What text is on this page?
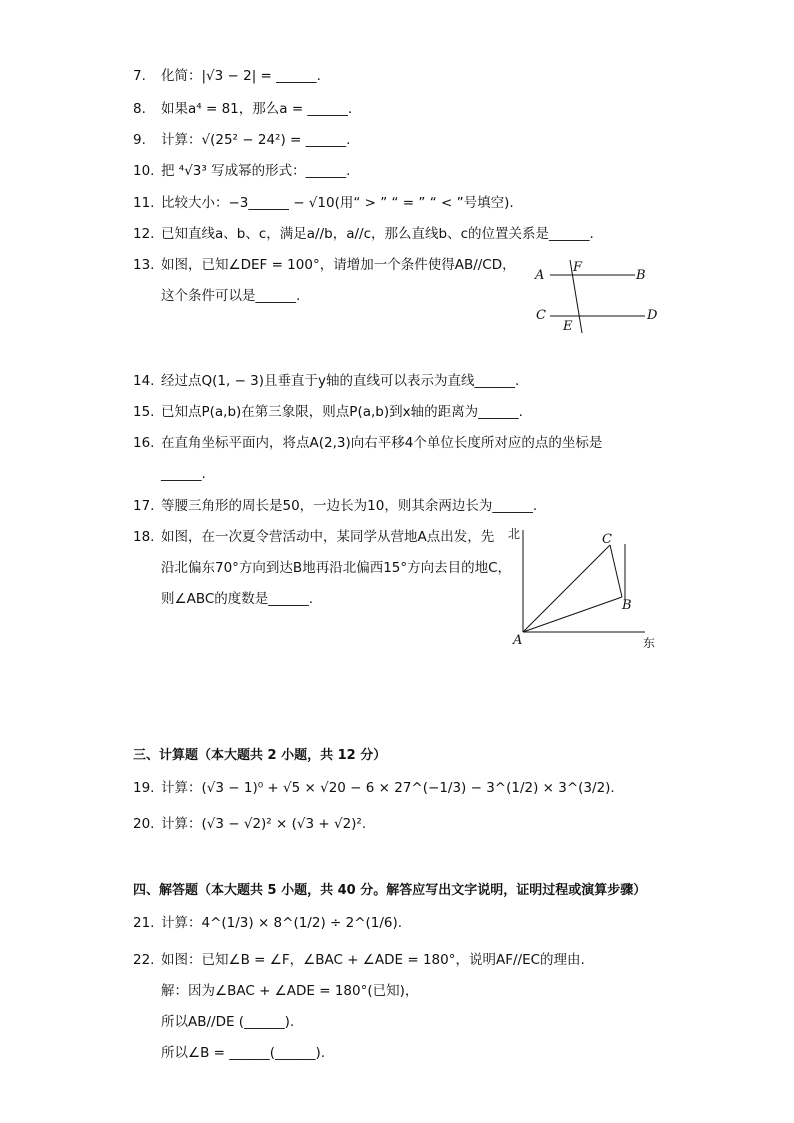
7. 化简：|√3 − 2| = ______.
8. 如果a⁴ = 81，那么a = ______.
9. 计算：√(25² − 24²) = ______.
10. 把 ⁴√3³ 写成幂的形式：______.
11. 比较大小：−3______ − √10(用“ > ” “ = ” “ < ”号填空).
12. 已知直线a、b、c，满足a//b，a//c，那么直线b、c的位置关系是______.
13. 如图，已知∠DEF = 100°，请增加一个条件使得AB//CD，
这个条件可以是______.
A
F
B
C
E
D
14. 经过点Q(1, − 3)且垂直于y轴的直线可以表示为直线______.
15. 已知点P(a,b)在第三象限，则点P(a,b)到x轴的距离为______.
16. 在直角坐标平面内，将点A(2,3)向右平移4个单位长度所对应的点的坐标是
______.
17. 等腰三角形的周长是50，一边长为10，则其余两边长为______.
18. 如图，在一次夏令营活动中，某同学从营地A点出发，先
沿北偏东70°方向到达B地再沿北偏西15°方向去目的地C，
则∠ABC的度数是______.
北
东
A
B
C
三、计算题（本大题共 2 小题，共 12 分）
19. 计算：(√3 − 1)⁰ + √5 × √20 − 6 × 27^(−1/3) − 3^(1/2) × 3^(3/2).
20. 计算：(√3 − √2)² × (√3 + √2)².
四、解答题（本大题共 5 小题，共 40 分。解答应写出文字说明，证明过程或演算步骤）
21. 计算：4^(1/3) × 8^(1/2) ÷ 2^(1/6).
22. 如图：已知∠B = ∠F，∠BAC + ∠ADE = 180°，说明AF//EC的理由.
解：因为∠BAC + ∠ADE = 180°(已知)，
所以AB//DE (______).
所以∠B = ______(______).
